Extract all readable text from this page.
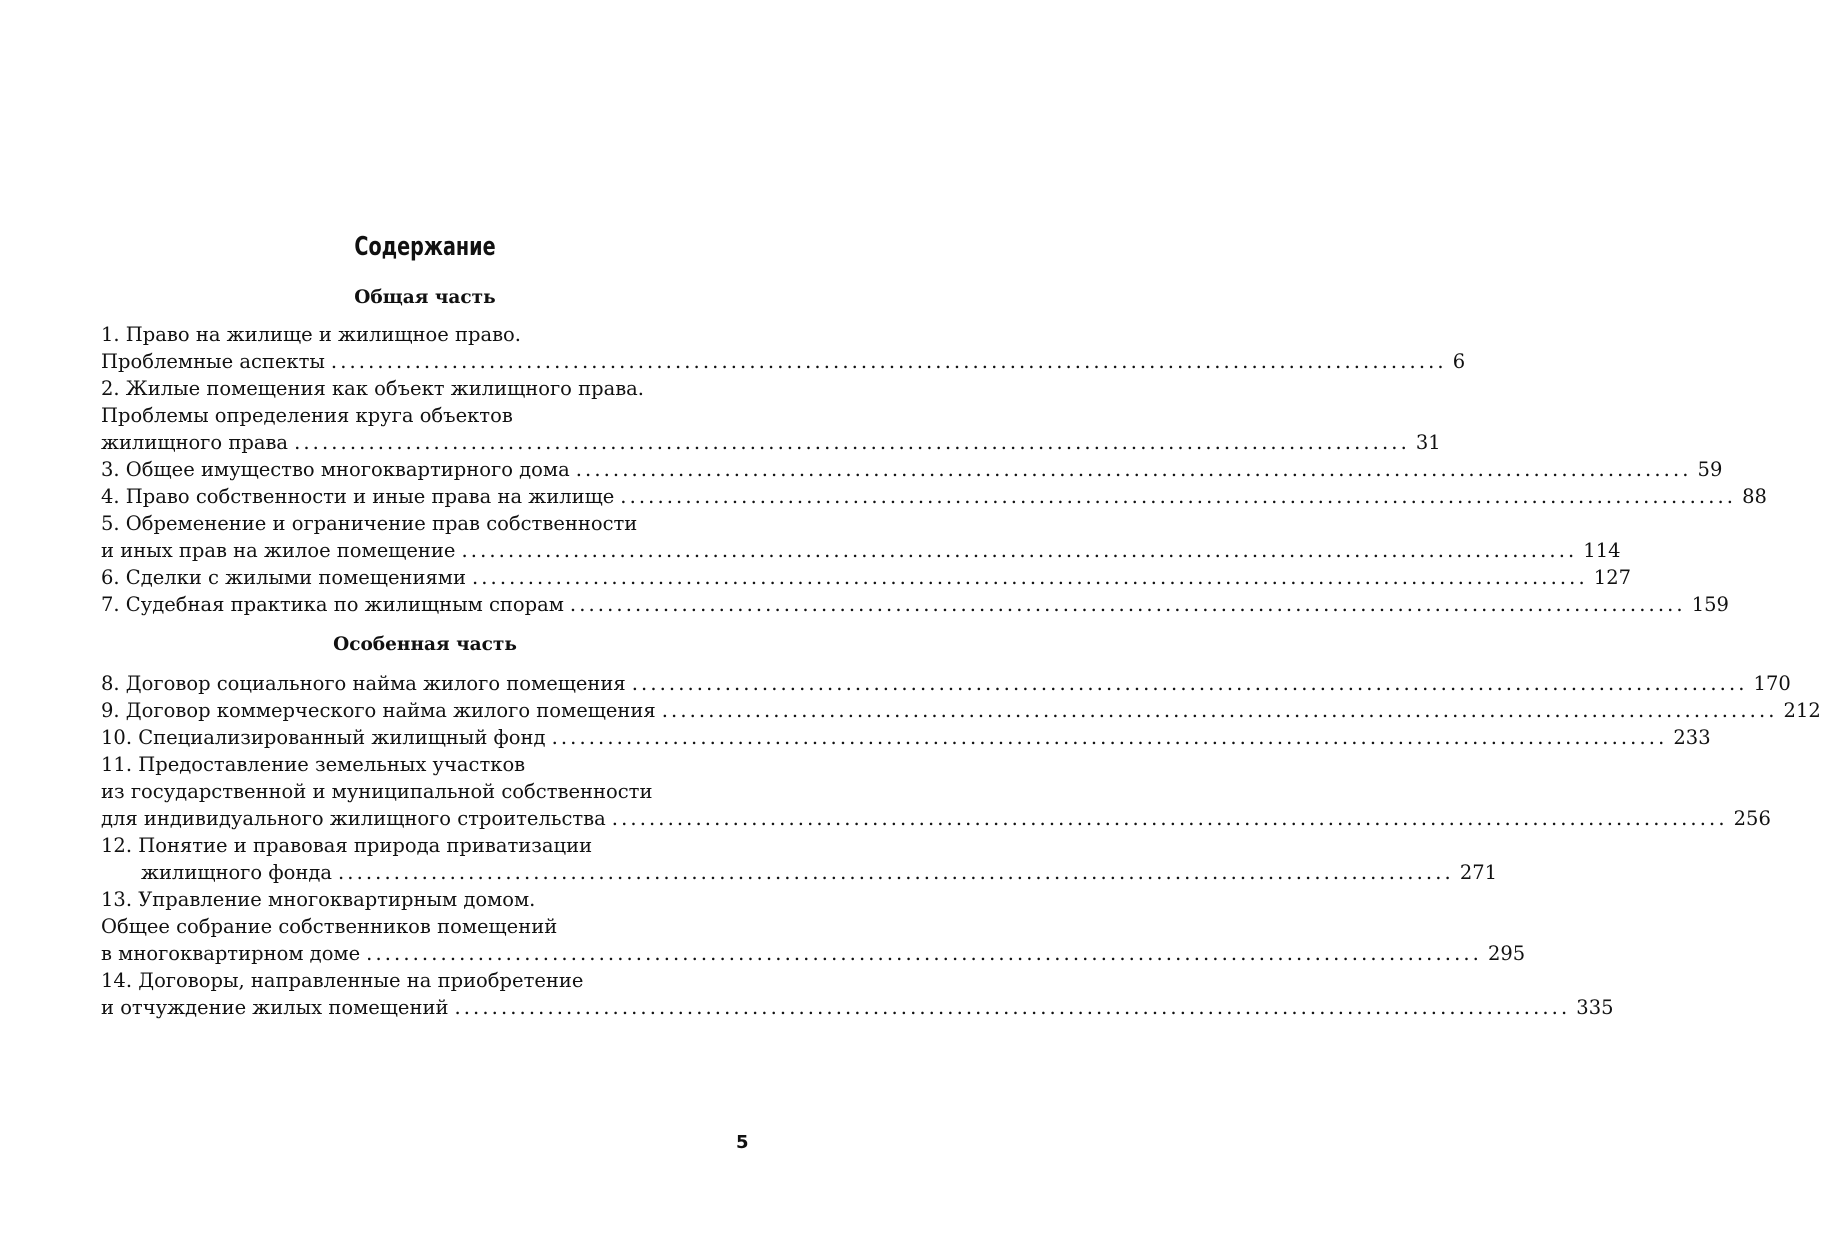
Содержание
Общая часть
1. Право на жилище и жилищное право.
Проблемные аспекты ........................................................................................................................ 6
2. Жилые помещения как объект жилищного права.
Проблемы определения круга объектов
жилищного права ........................................................................................................................ 31
3. Общее имущество многоквартирного дома ........................................................................................................................ 59
4. Право собственности и иные права на жилище ........................................................................................................................ 88
5. Обременение и ограничение прав собственности
и иных прав на жилое помещение ........................................................................................................................ 114
6. Сделки с жилыми помещениями ........................................................................................................................ 127
7. Судебная практика по жилищным спорам ........................................................................................................................ 159
Особенная часть
8. Договор социального найма жилого помещения ........................................................................................................................ 170
9. Договор коммерческого найма жилого помещения ........................................................................................................................ 212
10. Специализированный жилищный фонд ........................................................................................................................ 233
11. Предоставление земельных участков
из государственной и муниципальной собственности
для индивидуального жилищного строительства ........................................................................................................................ 256
12. Понятие и правовая природа приватизации
жилищного фонда ........................................................................................................................ 271
13. Управление многоквартирным домом.
Общее собрание собственников помещений
в многоквартирном доме ........................................................................................................................ 295
14. Договоры, направленные на приобретение
и отчуждение жилых помещений ........................................................................................................................ 335
5
